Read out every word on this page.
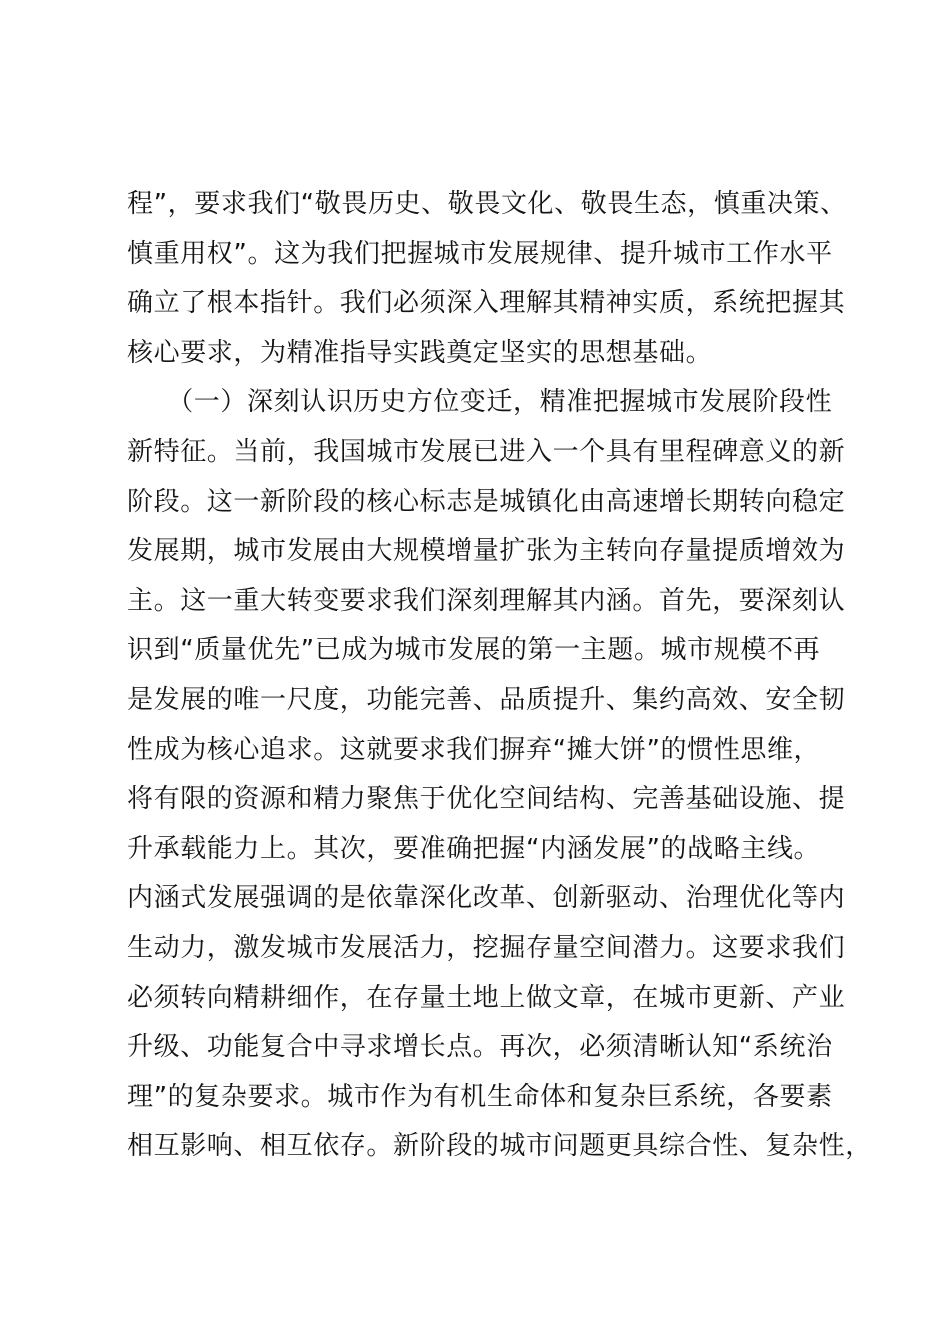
程”，要求我们“敬畏历史、敬畏文化、敬畏生态，慎重决策、
慎重用权”。这为我们把握城市发展规律、提升城市工作水平
确立了根本指针。我们必须深入理解其精神实质，系统把握其
核心要求，为精准指导实践奠定坚实的思想基础。
　　（一）深刻认识历史方位变迁，精准把握城市发展阶段性
新特征。当前，我国城市发展已进入一个具有里程碑意义的新
阶段。这一新阶段的核心标志是城镇化由高速增长期转向稳定
发展期，城市发展由大规模增量扩张为主转向存量提质增效为
主。这一重大转变要求我们深刻理解其内涵。首先，要深刻认
识到“质量优先”已成为城市发展的第一主题。城市规模不再
是发展的唯一尺度，功能完善、品质提升、集约高效、安全韧
性成为核心追求。这就要求我们摒弃“摊大饼”的惯性思维，
将有限的资源和精力聚焦于优化空间结构、完善基础设施、提
升承载能力上。其次，要准确把握“内涵发展”的战略主线。
内涵式发展强调的是依靠深化改革、创新驱动、治理优化等内
生动力，激发城市发展活力，挖掘存量空间潜力。这要求我们
必须转向精耕细作，在存量土地上做文章，在城市更新、产业
升级、功能复合中寻求增长点。再次，必须清晰认知“系统治
理”的复杂要求。城市作为有机生命体和复杂巨系统，各要素
相互影响、相互依存。新阶段的城市问题更具综合性、复杂性，
